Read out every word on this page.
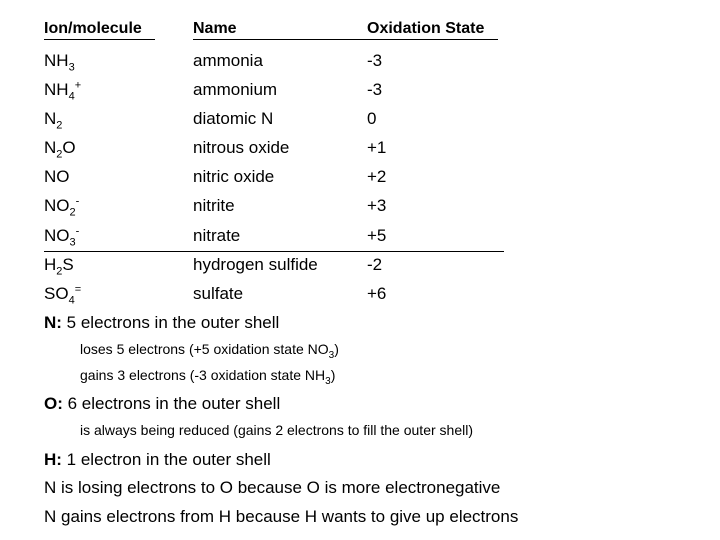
Ion/molecule	Name	Oxidation State
$NH_3$	ammonia	-3
$NH_4^+$	ammonium	-3
$N_2$	diatomic N	0
$N_2O$	nitrous oxide	+1
NO	nitric oxide	+2
$NO_2^-$	nitrite	+3
$NO_3^-$	nitrate	+5
$H_2S$	hydrogen sulfide	-2
$SO_4^=$	sulfate	+6
N: 5 electrons in the outer shell
loses 5 electrons (+5 oxidation state $NO_3$)
gains 3 electrons (-3 oxidation state $NH_3$)
O: 6 electrons in the outer shell
is always being reduced (gains 2 electrons to fill the outer shell)
H: 1 electron in the outer shell
N is losing electrons to O because O is more electronegative
N gains electrons from H because H wants to give up electrons
